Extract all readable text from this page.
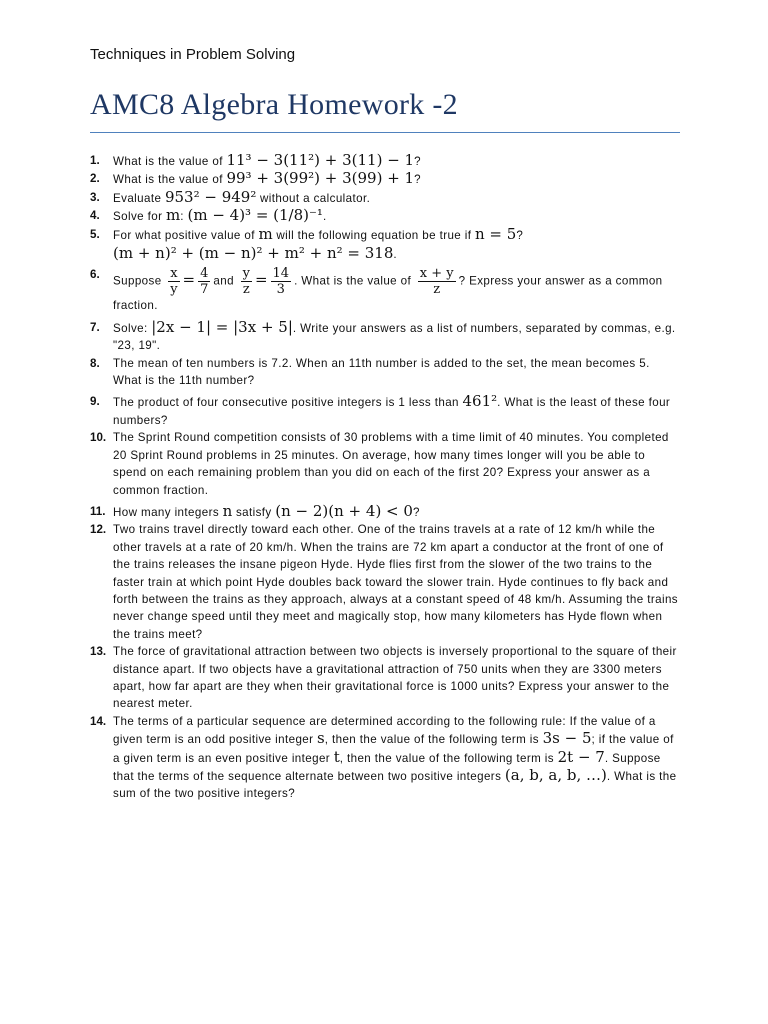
Techniques in Problem Solving
AMC8 Algebra Homework -2
1. What is the value of 11³ − 3(11²) + 3(11) − 1?
2. What is the value of 99³ + 3(99²) + 3(99) + 1?
3. Evaluate 953² − 949² without a calculator.
4. Solve for m: (m − 4)³ = (1/8)⁻¹.
5. For what positive value of m will the following equation be true if n = 5?
(m + n)² + (m − n)² + m² + n² = 318.
6.
Suppose $\frac{x}{y} = \frac{4}{7}$ and $\frac{y}{z} = \frac{14}{3}$ . What is the value of $\frac{x + y}{z}$ ? Express your answer as a common fraction.
7. Solve: |2x − 1| = |3x + 5|. Write your answers as a list of numbers, separated by commas, e.g. "23, 19".
8. The mean of ten numbers is 7.2. When an 11th number is added to the set, the mean becomes 5. What is the 11th number?
9. The product of four consecutive positive integers is 1 less than 461². What is the least of these four numbers?
10. The Sprint Round competition consists of 30 problems with a time limit of 40 minutes. You completed 20 Sprint Round problems in 25 minutes. On average, how many times longer will you be able to spend on each remaining problem than you did on each of the first 20? Express your answer as a common fraction.
11. How many integers n satisfy (n − 2)(n + 4) < 0?
12. Two trains travel directly toward each other. One of the trains travels at a rate of 12 km/h while the other travels at a rate of 20 km/h. When the trains are 72 km apart a conductor at the front of one of the trains releases the insane pigeon Hyde. Hyde flies first from the slower of the two trains to the faster train at which point Hyde doubles back toward the slower train. Hyde continues to fly back and forth between the trains as they approach, always at a constant speed of 48 km/h. Assuming the trains never change speed until they meet and magically stop, how many kilometers has Hyde flown when the trains meet?
13. The force of gravitational attraction between two objects is inversely proportional to the square of their distance apart. If two objects have a gravitational attraction of 750 units when they are 3300 meters apart, how far apart are they when their gravitational force is 1000 units? Express your answer to the nearest meter.
14. The terms of a particular sequence are determined according to the following rule: If the value of a given term is an odd positive integer s, then the value of the following term is 3s − 5; if the value of a given term is an even positive integer t, then the value of the following term is 2t − 7. Suppose that the terms of the sequence alternate between two positive integers (a, b, a, b, …). What is the sum of the two positive integers?
